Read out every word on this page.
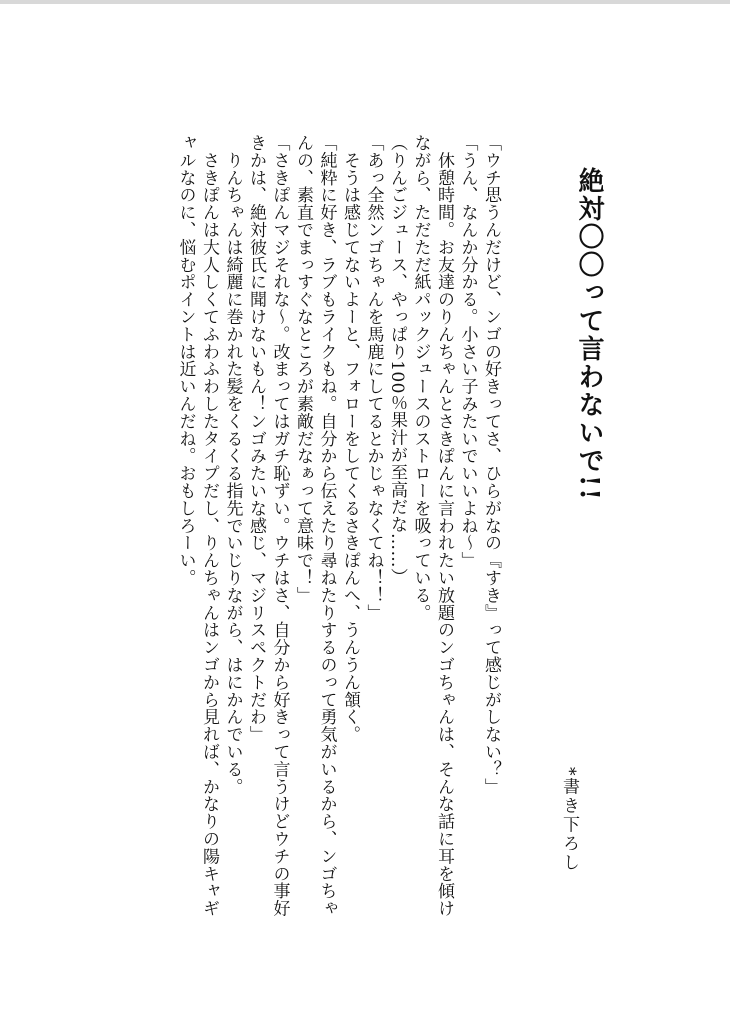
絶対〇〇って言わないで!!
*書き下ろし

「ウチ思うんだけど、ンゴの好きってさ、ひらがなの『すき』って感じがしない？」

「うん、なんか分かる。小さい子みたいでいいよね〜」

　休憩時間。お友達のりんちゃんとさきぽんに言われたい放題のンゴちゃんは、そんな話に耳を傾けながら、ただただ紙パックジュースのストローを吸っている。

（りんごジュース、やっぱり100％果汁が至高だな……）

「あっ全然ンゴちゃんを馬鹿にしてるとかじゃなくてね！！」

　そうは感じてないよーと、フォローをしてくるさきぽんへ、うんうん頷く。

「純粋に好き、ラブもライクもね。自分から伝えたり尋ねたりするのって勇気がいるから、ンゴちゃんの、素直でまっすぐなところが素敵だなぁって意味で！」

「さきぽんマジそれな〜。改まってはガチ恥ずい。ウチはさ、自分から好きって言うけどウチの事好きかは、絶対彼氏に聞けないもん！ンゴみたいな感じ、マジリスペクトだわ」

　りんちゃんは綺麗に巻かれた髪をくるくる指先でいじりながら、はにかんでいる。

　さきぽんは大人しくてふわふわしたタイプだし、りんちゃんはンゴから見れば、かなりの陽キャギャルなのに、悩むポイントは近いんだね。おもしろーい。
